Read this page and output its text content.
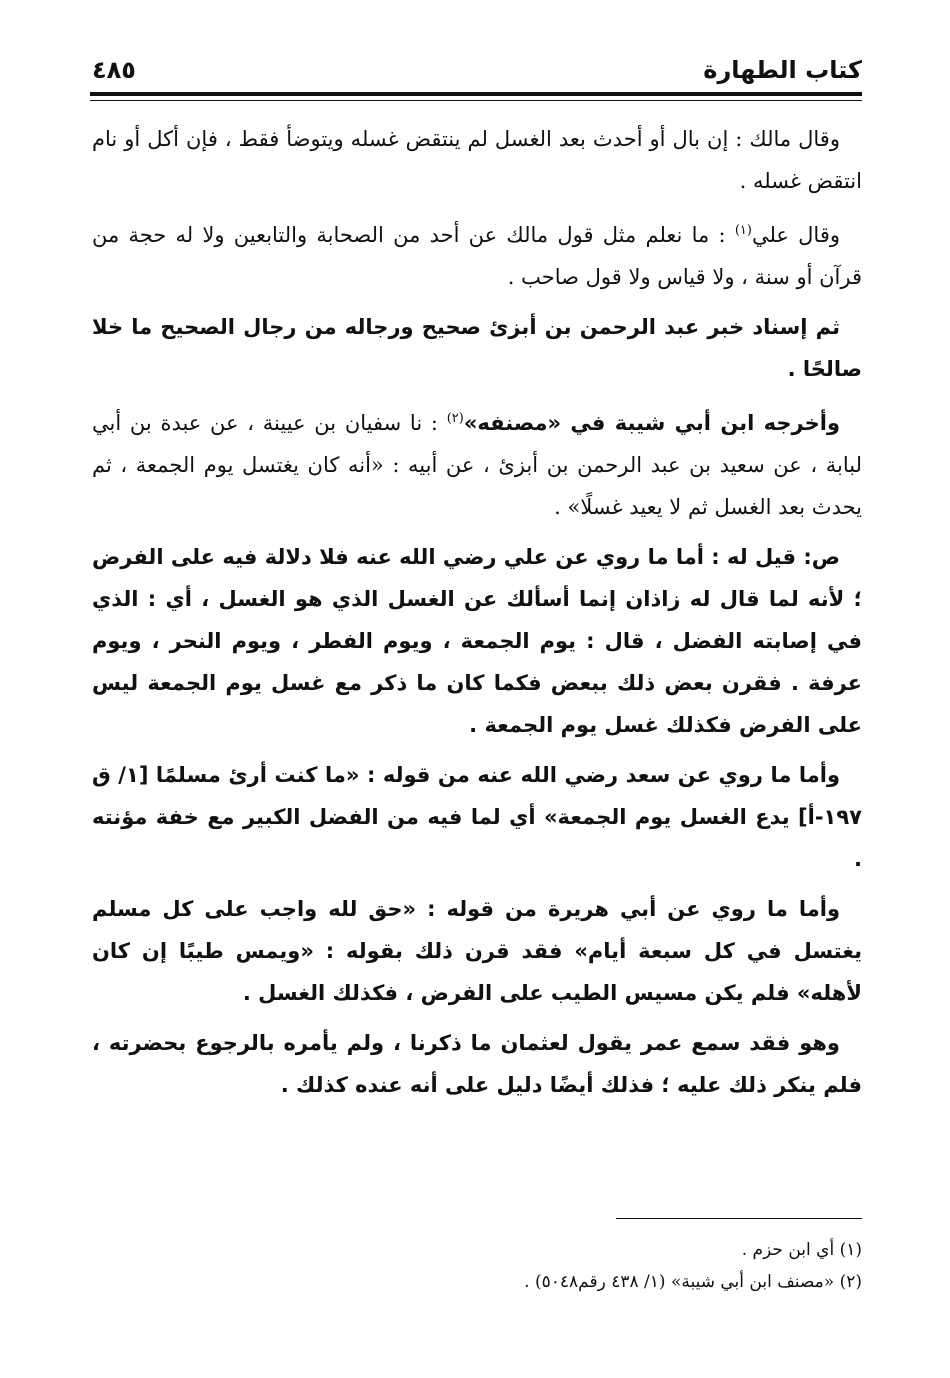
كتاب الطهارة
٤٨٥

وقال مالك : إن بال أو أحدث بعد الغسل لم ينتقض غسله ويتوضأ فقط ، فإن أكل أو نام انتقض غسله .

وقال علي$^{(١)}$ : ما نعلم مثل قول مالك عن أحد من الصحابة والتابعين ولا له حجة من قرآن أو سنة ، ولا قياس ولا قول صاحب .

ثم إسناد خبر عبد الرحمن بن أبزئ صحيح ورجاله من رجال الصحيح ما خلا صالحًا .

وأخرجه ابن أبي شيبة في «مصنفه»$^{(٢)}$ : نا سفيان بن عيينة ، عن عبدة بن أبي لبابة ، عن سعيد بن عبد الرحمن بن أبزئ ، عن أبيه : «أنه كان يغتسل يوم الجمعة ، ثم يحدث بعد الغسل ثم لا يعيد غسلًا» .

ص: قيل له : أما ما روي عن علي رضي الله عنه فلا دلالة فيه على الفرض ؛ لأنه لما قال له زاذان إنما أسألك عن الغسل الذي هو الغسل ، أي : الذي في إصابته الفضل ، قال : يوم الجمعة ، ويوم الفطر ، ويوم النحر ، ويوم عرفة . فقرن بعض ذلك ببعض فكما كان ما ذكر مع غسل يوم الجمعة ليس على الفرض فكذلك غسل يوم الجمعة .

وأما ما روي عن سعد رضي الله عنه من قوله : «ما كنت أرئ مسلمًا [١/ ق ١٩٧-أ] يدع الغسل يوم الجمعة» أي لما فيه من الفضل الكبير مع خفة مؤنته .

وأما ما روي عن أبي هريرة من قوله : «حق لله واجب على كل مسلم يغتسل في كل سبعة أيام» فقد قرن ذلك بقوله : «ويمس طيبًا إن كان لأهله» فلم يكن مسيس الطيب على الفرض ، فكذلك الغسل .

وهو فقد سمع عمر يقول لعثمان ما ذكرنا ، ولم يأمره بالرجوع بحضرته ، فلم ينكر ذلك عليه ؛ فذلك أيضًا دليل على أنه عنده كذلك .

(١) أي ابن حزم .
(٢) «مصنف ابن أبي شيبة» (١/ ٤٣٨ رقم٥٠٤٨) .
